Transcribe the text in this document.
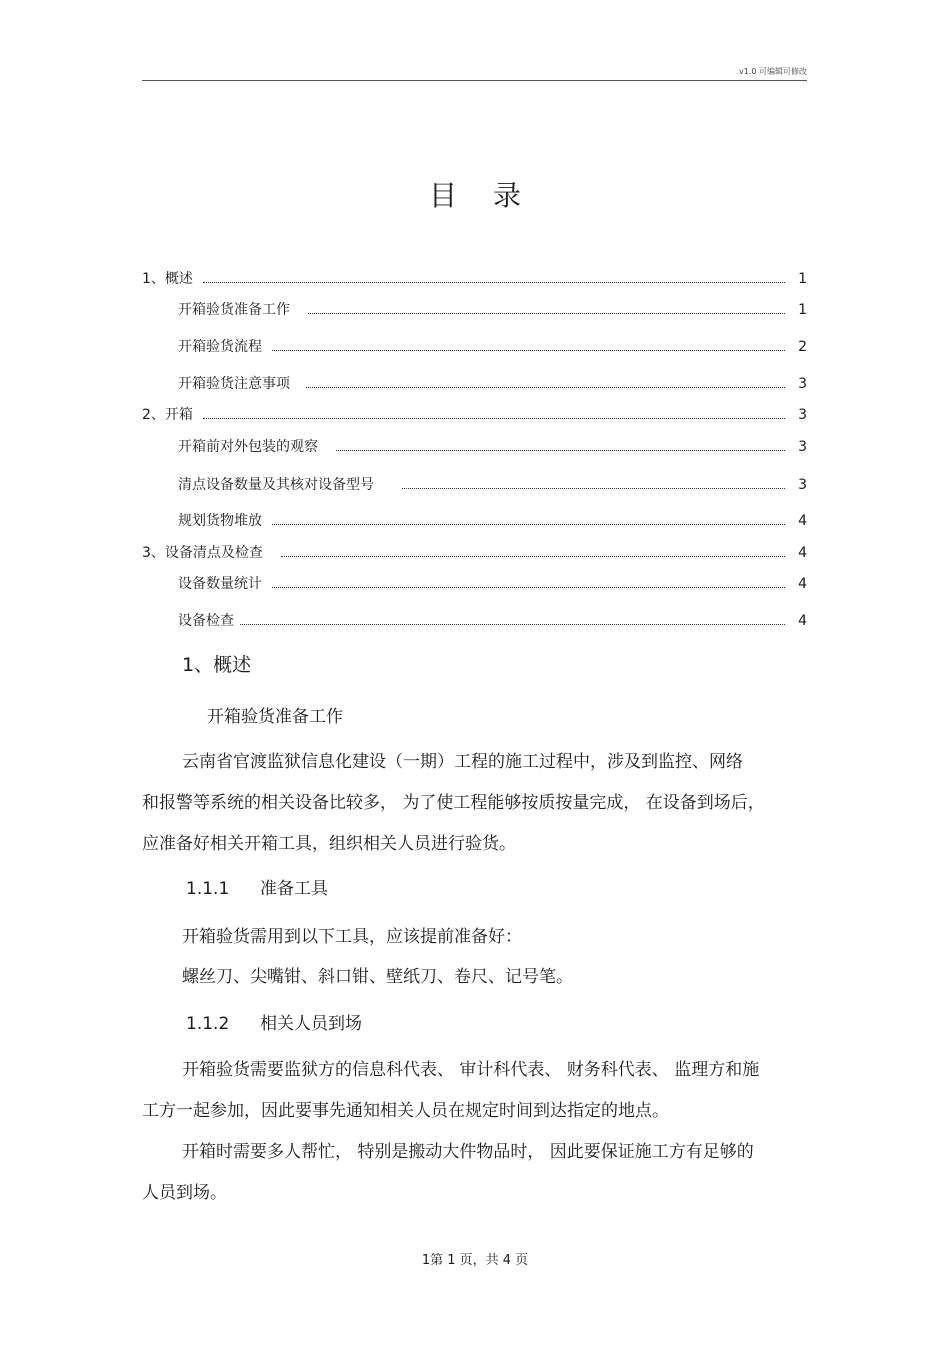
v1.0 可编辑可修改
目录
1、概述	1
开箱验货准备工作	1
开箱验货流程	2
开箱验货注意事项	3
2、开箱	3
开箱前对外包装的观察	3
清点设备数量及其核对设备型号	3
规划货物堆放	4
3、设备清点及检查	4
设备数量统计	4
设备检查	4
1、概述
开箱验货准备工作
云南省官渡监狱信息化建设（一期）工程的施工过程中，涉及到监控、网络
和报警等系统的相关设备比较多， 为了使工程能够按质按量完成， 在设备到场后，
应准备好相关开箱工具，组织相关人员进行验货。
1.1.1 准备工具
开箱验货需用到以下工具，应该提前准备好：
螺丝刀、尖嘴钳、斜口钳、壁纸刀、卷尺、记号笔。
1.1.2 相关人员到场
开箱验货需要监狱方的信息科代表、 审计科代表、 财务科代表、 监理方和施
工方一起参加，因此要事先通知相关人员在规定时间到达指定的地点。
开箱时需要多人帮忙， 特别是搬动大件物品时， 因此要保证施工方有足够的
人员到场。
1第 1 页，共 4 页
